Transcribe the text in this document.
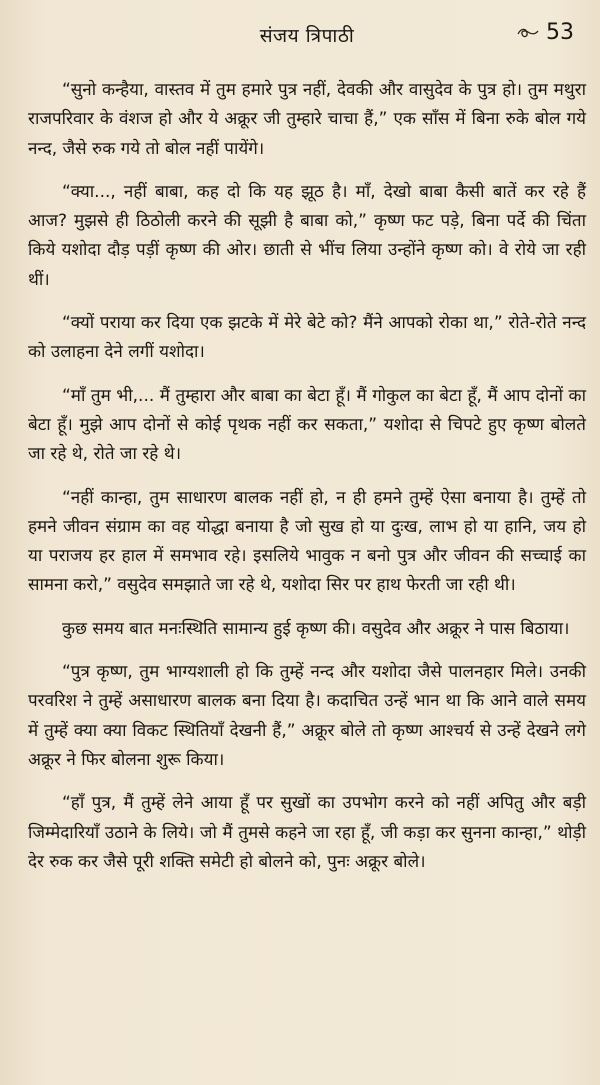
संजय त्रिपाठी	53

“सुनो कन्हैया, वास्तव में तुम हमारे पुत्र नहीं, देवकी और वासुदेव के पुत्र हो। तुम मथुरा राजपरिवार के वंशज हो और ये अक्रूर जी तुम्हारे चाचा हैं,” एक साँस में बिना रुके बोल गये नन्द, जैसे रुक गये तो बोल नहीं पायेंगे।

“क्या..., नहीं बाबा, कह दो कि यह झूठ है। माँ, देखो बाबा कैसी बातें कर रहे हैं आज? मुझसे ही ठिठोली करने की सूझी है बाबा को,” कृष्ण फट पड़े, बिना पर्दे की चिंता किये यशोदा दौड़ पड़ीं कृष्ण की ओर। छाती से भींच लिया उन्होंने कृष्ण को। वे रोये जा रही थीं।

“क्यों पराया कर दिया एक झटके में मेरे बेटे को? मैंने आपको रोका था,” रोते-रोते नन्द को उलाहना देने लगीं यशोदा।

“माँ तुम भी,... मैं तुम्हारा और बाबा का बेटा हूँ। मैं गोकुल का बेटा हूँ, मैं आप दोनों का बेटा हूँ। मुझे आप दोनों से कोई पृथक नहीं कर सकता,” यशोदा से चिपटे हुए कृष्ण बोलते जा रहे थे, रोते जा रहे थे।

“नहीं कान्हा, तुम साधारण बालक नहीं हो, न ही हमने तुम्हें ऐसा बनाया है। तुम्हें तो हमने जीवन संग्राम का वह योद्धा बनाया है जो सुख हो या दुःख, लाभ हो या हानि, जय हो या पराजय हर हाल में समभाव रहे। इसलिये भावुक न बनो पुत्र और जीवन की सच्चाई का सामना करो,” वसुदेव समझाते जा रहे थे, यशोदा सिर पर हाथ फेरती जा रही थी।

कुछ समय बात मनःस्थिति सामान्य हुई कृष्ण की। वसुदेव और अक्रूर ने पास बिठाया।

“पुत्र कृष्ण, तुम भाग्यशाली हो कि तुम्हें नन्द और यशोदा जैसे पालनहार मिले। उनकी परवरिश ने तुम्हें असाधारण बालक बना दिया है। कदाचित उन्हें भान था कि आने वाले समय में तुम्हें क्या क्या विकट स्थितियाँ देखनी हैं,” अक्रूर बोले तो कृष्ण आश्चर्य से उन्हें देखने लगे अक्रूर ने फिर बोलना शुरू किया।

“हाँ पुत्र, मैं तुम्हें लेने आया हूँ पर सुखों का उपभोग करने को नहीं अपितु और बड़ी जिम्मेदारियाँ उठाने के लिये। जो मैं तुमसे कहने जा रहा हूँ, जी कड़ा कर सुनना कान्हा,” थोड़ी देर रुक कर जैसे पूरी शक्ति समेटी हो बोलने को, पुनः अक्रूर बोले।
